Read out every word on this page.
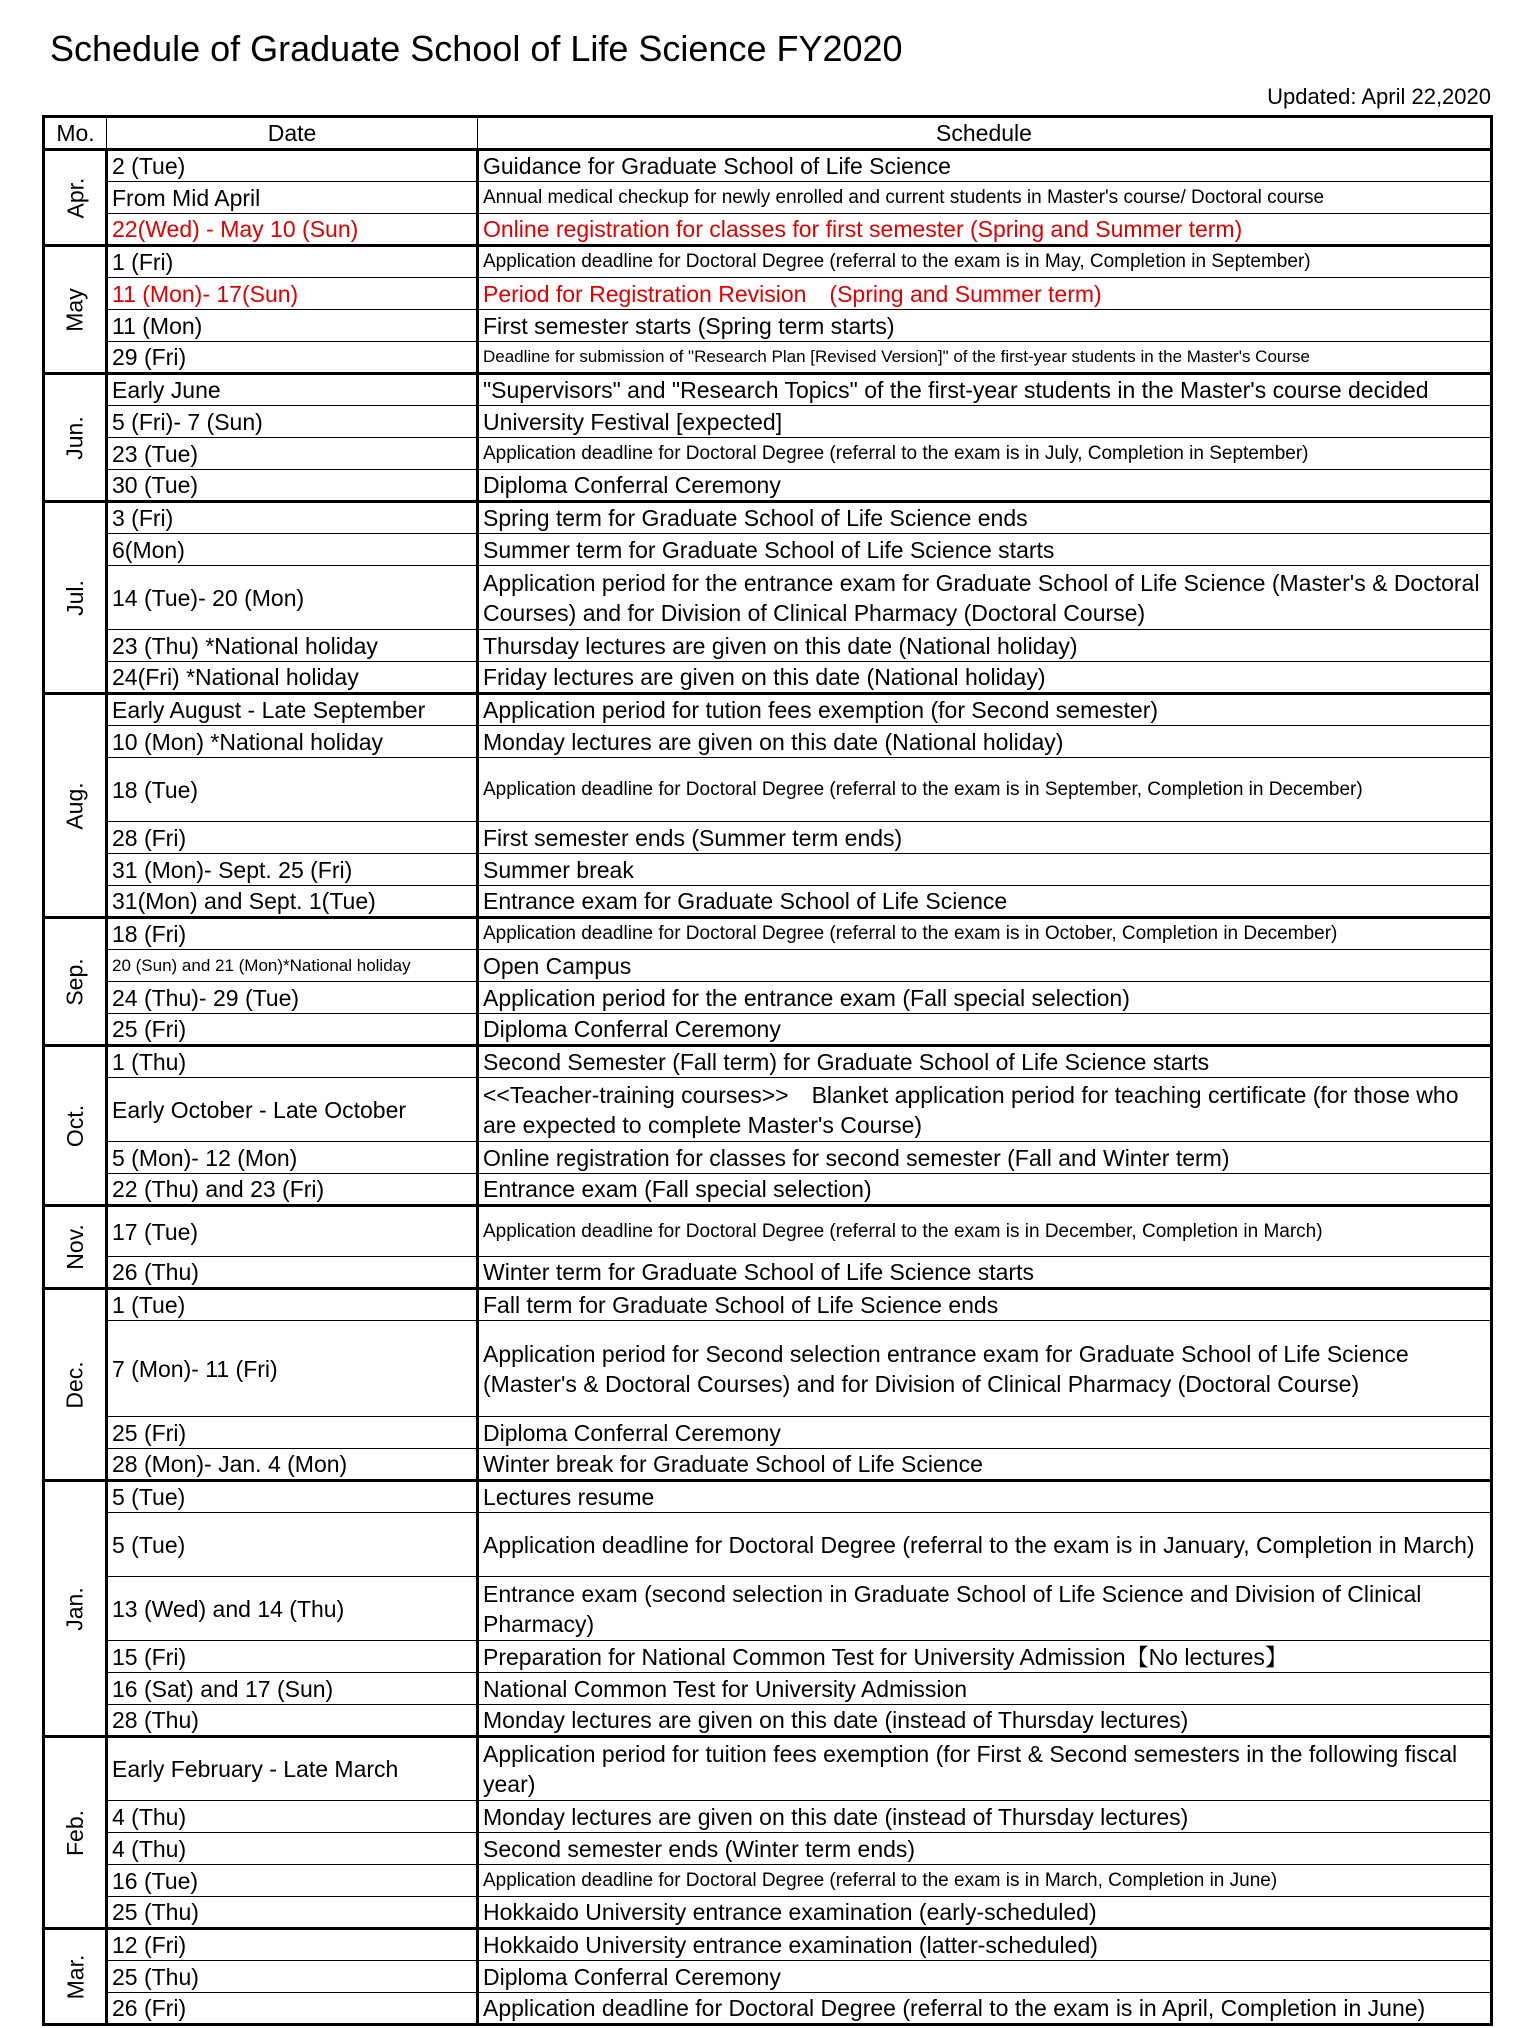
Schedule of Graduate School of Life Science FY2020
Updated: April 22,2020
Mo.	Date	Schedule
Apr.	2 (Tue)	Guidance for Graduate School of Life Science
	From Mid April	Annual medical checkup for newly enrolled and current students in Master's course/ Doctoral course
	22(Wed) - May 10 (Sun)	Online registration for classes for first semester (Spring and Summer term)
May	1 (Fri)	Application deadline for Doctoral Degree (referral to the exam is in May, Completion in September)
	11 (Mon)- 17(Sun)	Period for Registration Revision　(Spring and Summer term)
	11 (Mon)	First semester starts (Spring term starts)
	29 (Fri)	Deadline for submission of "Research Plan [Revised Version]" of the first-year students in the Master's Course
Jun.	Early June	"Supervisors" and "Research Topics" of the first-year students in the Master's course decided
	5 (Fri)- 7 (Sun)	University Festival [expected]
	23 (Tue)	Application deadline for Doctoral Degree (referral to the exam is in July, Completion in September)
	30 (Tue)	Diploma Conferral Ceremony
Jul.	3 (Fri)	Spring term for Graduate School of Life Science ends
	6(Mon)	Summer term for Graduate School of Life Science starts
	14 (Tue)- 20 (Mon)	Application period for the entrance exam for Graduate School of Life Science (Master's & Doctoral Courses) and for Division of Clinical Pharmacy (Doctoral Course)
	23 (Thu) *National holiday	Thursday lectures are given on this date (National holiday)
	24(Fri) *National holiday	Friday lectures are given on this date (National holiday)
Aug.	Early August - Late September	Application period for tution fees exemption (for Second semester)
	10 (Mon) *National holiday	Monday lectures are given on this date (National holiday)
	18 (Tue)	Application deadline for Doctoral Degree (referral to the exam is in September, Completion in December)
	28 (Fri)	First semester ends (Summer term ends)
	31 (Mon)- Sept. 25 (Fri)	Summer break
	31(Mon) and Sept. 1(Tue)	Entrance exam for Graduate School of Life Science
Sep.	18 (Fri)	Application deadline for Doctoral Degree (referral to the exam is in October, Completion in December)
	20 (Sun) and 21 (Mon)*National holiday	Open Campus
	24 (Thu)- 29 (Tue)	Application period for the entrance exam (Fall special selection)
	25 (Fri)	Diploma Conferral Ceremony
Oct.	1 (Thu)	Second Semester (Fall term) for Graduate School of Life Science starts
	Early October - Late October	<<Teacher-training courses>>　Blanket application period for teaching certificate (for those who are expected to complete Master's Course)
	5 (Mon)- 12 (Mon)	Online registration for classes for second semester (Fall and Winter term)
	22 (Thu) and 23 (Fri)	Entrance exam (Fall special selection)
Nov.	17 (Tue)	Application deadline for Doctoral Degree (referral to the exam is in December, Completion in March)
	26 (Thu)	Winter term for Graduate School of Life Science starts
Dec.	1 (Tue)	Fall term for Graduate School of Life Science ends
	7 (Mon)- 11 (Fri)	Application period for Second selection entrance exam for Graduate School of Life Science (Master's & Doctoral Courses) and for Division of Clinical Pharmacy (Doctoral Course)
	25 (Fri)	Diploma Conferral Ceremony
	28 (Mon)- Jan. 4 (Mon)	Winter break for Graduate School of Life Science
Jan.	5 (Tue)	Lectures resume
	5 (Tue)	Application deadline for Doctoral Degree (referral to the exam is in January, Completion in March)
	13 (Wed) and 14 (Thu)	Entrance exam (second selection in Graduate School of Life Science and Division of Clinical Pharmacy)
	15 (Fri)	Preparation for National Common Test for University Admission【No lectures】
	16 (Sat) and 17 (Sun)	National Common Test for University Admission
	28 (Thu)	Monday lectures are given on this date (instead of Thursday lectures)
Feb.	Early February - Late March	Application period for tuition fees exemption (for First & Second semesters in the following fiscal year)
	4 (Thu)	Monday lectures are given on this date (instead of Thursday lectures)
	4 (Thu)	Second semester ends (Winter term ends)
	16 (Tue)	Application deadline for Doctoral Degree (referral to the exam is in March, Completion in June)
	25 (Thu)	Hokkaido University entrance examination (early-scheduled)
Mar.	12 (Fri)	Hokkaido University entrance examination (latter-scheduled)
	25 (Thu)	Diploma Conferral Ceremony
	26 (Fri)	Application deadline for Doctoral Degree (referral to the exam is in April, Completion in June)
